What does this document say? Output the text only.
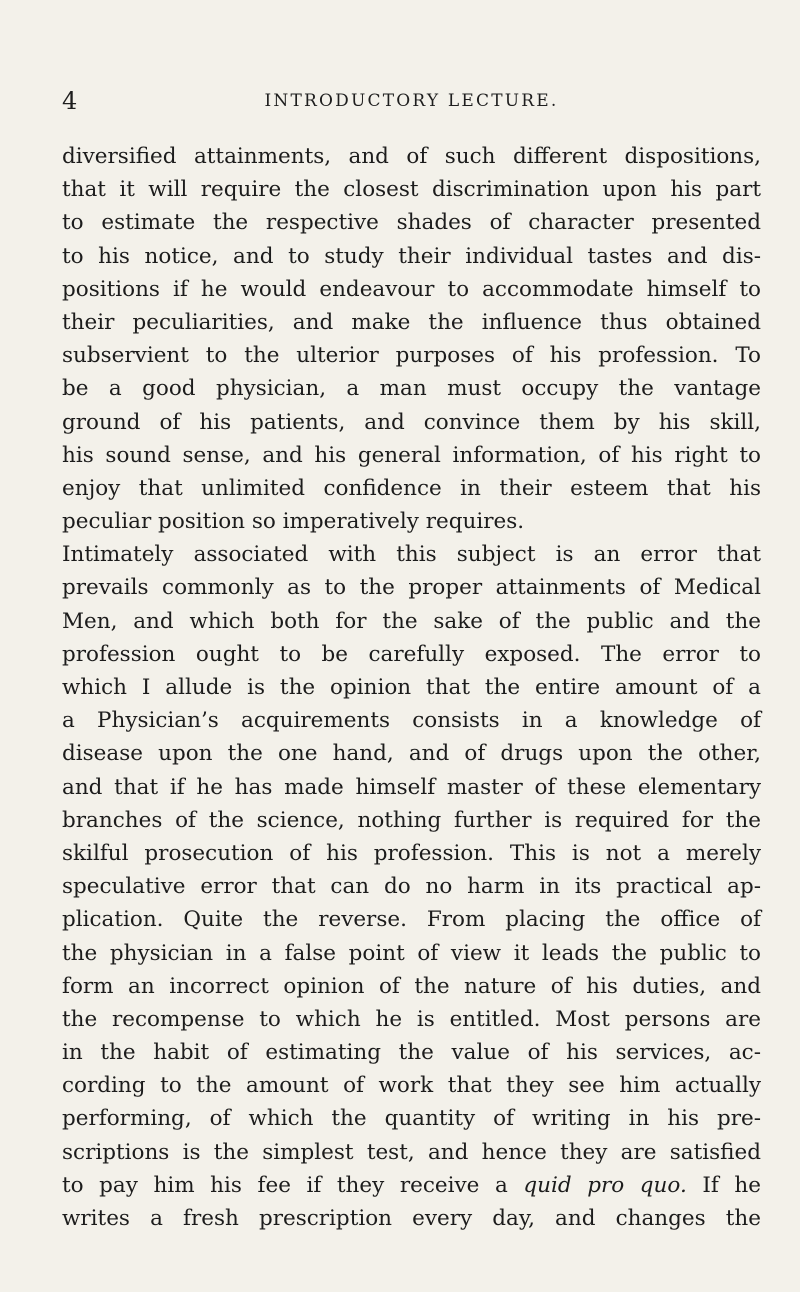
4	INTRODUCTORY LECTURE.
diversified attainments, and of such different dispositions,
that it will require the closest discrimination upon his part
to estimate the respective shades of character presented
to his notice, and to study their individual tastes and dis-
positions if he would endeavour to accommodate himself to
their peculiarities, and make the influence thus obtained
subservient to the ulterior purposes of his profession. To
be a good physician, a man must occupy the vantage
ground of his patients, and convince them by his skill,
his sound sense, and his general information, of his right to
enjoy that unlimited confidence in their esteem that his
peculiar position so imperatively requires.
Intimately associated with this subject is an error that
prevails commonly as to the proper attainments of Medical
Men, and which both for the sake of the public and the
profession ought to be carefully exposed. The error to
which I allude is the opinion that the entire amount of a
a Physician’s acquirements consists in a knowledge of
disease upon the one hand, and of drugs upon the other,
and that if he has made himself master of these elementary
branches of the science, nothing further is required for the
skilful prosecution of his profession. This is not a merely
speculative error that can do no harm in its practical ap-
plication. Quite the reverse. From placing the office of
the physician in a false point of view it leads the public to
form an incorrect opinion of the nature of his duties, and
the recompense to which he is entitled. Most persons are
in the habit of estimating the value of his services, ac-
cording to the amount of work that they see him actually
performing, of which the quantity of writing in his pre-
scriptions is the simplest test, and hence they are satisfied
to pay him his fee if they receive a quid pro quo. If he
writes a fresh prescription every day, and changes the
